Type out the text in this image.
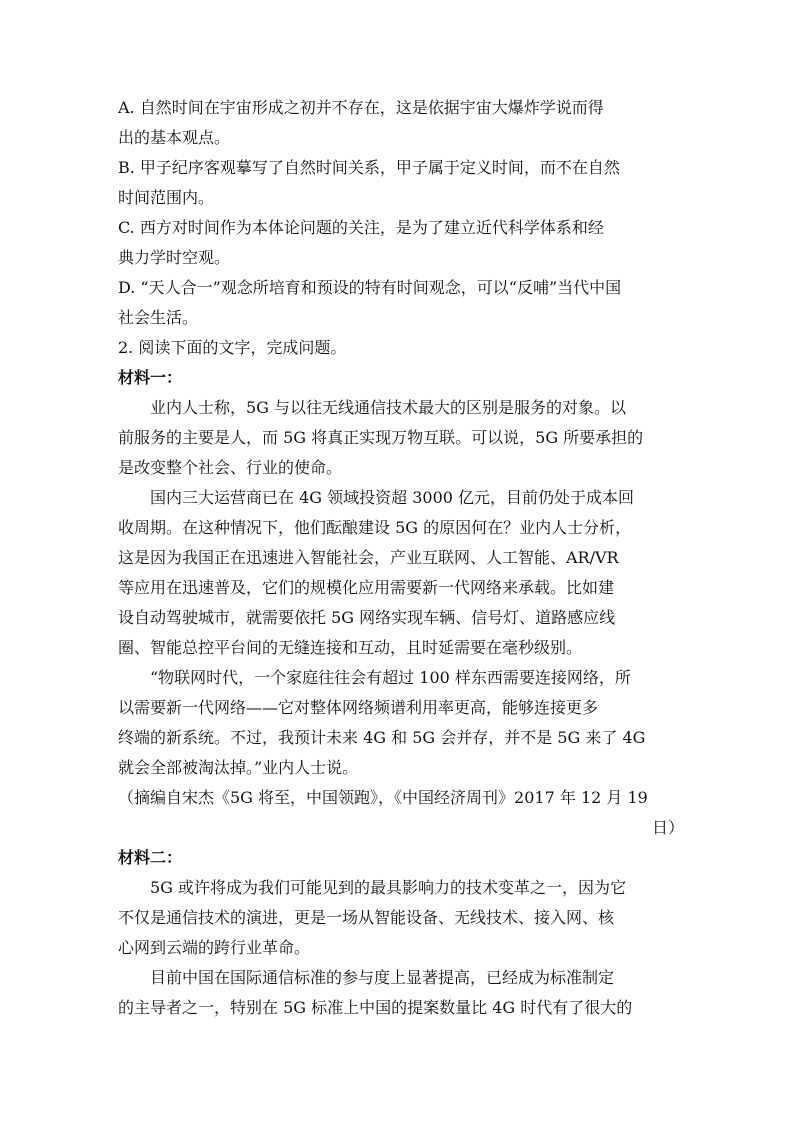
A. 自然时间在宇宙形成之初并不存在，这是依据宇宙大爆炸学说而得
出的基本观点。
B. 甲子纪序客观摹写了自然时间关系，甲子属于定义时间，而不在自然
时间范围内。
C. 西方对时间作为本体论问题的关注，是为了建立近代科学体系和经
典力学时空观。
D. “天人合一”观念所培育和预设的特有时间观念，可以“反哺”当代中国
社会生活。
2. 阅读下面的文字，完成问题。
材料一：
业内人士称，5G 与以往无线通信技术最大的区别是服务的对象。以
前服务的主要是人，而 5G 将真正实现万物互联。可以说，5G 所要承担的
是改变整个社会、行业的使命。
国内三大运营商已在 4G 领域投资超 3000 亿元，目前仍处于成本回
收周期。在这种情况下，他们酝酿建设 5G 的原因何在？业内人士分析，
这是因为我国正在迅速进入智能社会，产业互联网、人工智能、AR/VR
等应用在迅速普及，它们的规模化应用需要新一代网络来承载。比如建
设自动驾驶城市，就需要依托 5G 网络实现车辆、信号灯、道路感应线
圈、智能总控平台间的无缝连接和互动，且时延需要在毫秒级别。
“物联网时代，一个家庭往往会有超过 100 样东西需要连接网络，所
以需要新一代网络——它对整体网络频谱利用率更高，能够连接更多
终端的新系统。不过，我预计未来 4G 和 5G 会并存，并不是 5G 来了 4G
就会全部被淘汰掉。”业内人士说。
（摘编自宋杰《5G 将至，中国领跑》，《中国经济周刊》2017 年 12 月 19
日）
材料二：
5G 或许将成为我们可能见到的最具影响力的技术变革之一，因为它
不仅是通信技术的演进，更是一场从智能设备、无线技术、接入网、核
心网到云端的跨行业革命。
目前中国在国际通信标准的参与度上显著提高，已经成为标准制定
的主导者之一，特别在 5G 标准上中国的提案数量比 4G 时代有了很大的
